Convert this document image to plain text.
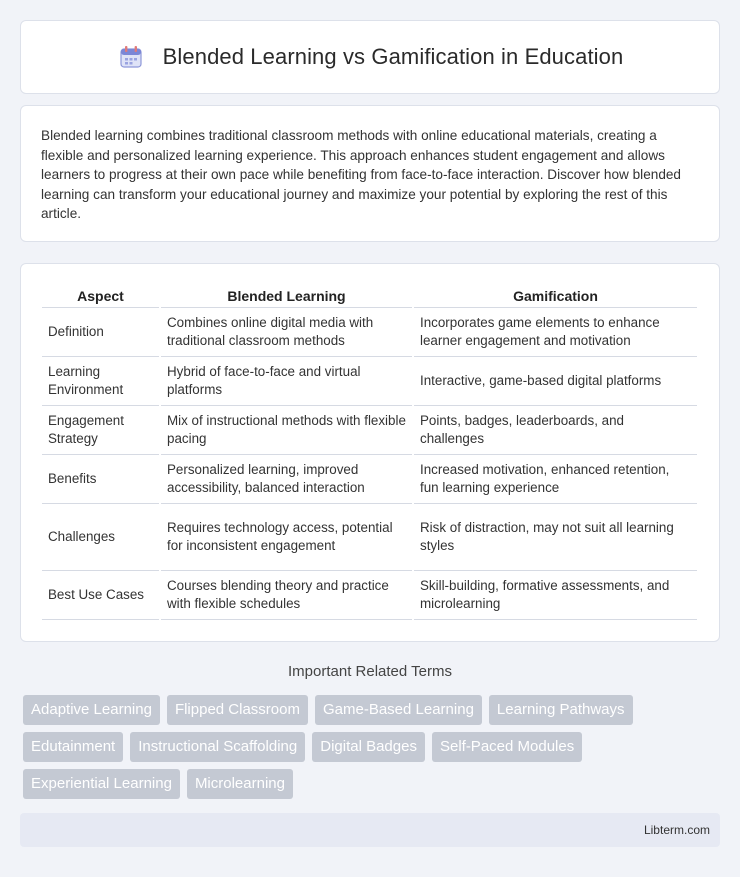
Blended Learning vs Gamification in Education

Blended learning combines traditional classroom methods with online educational materials, creating a flexible and personalized learning experience. This approach enhances student engagement and allows learners to progress at their own pace while benefiting from face-to-face interaction. Discover how blended learning can transform your educational journey and maximize your potential by exploring the rest of this article.

Aspect	Blended Learning	Gamification
Definition	Combines online digital media with traditional classroom methods	Incorporates game elements to enhance learner engagement and motivation
Learning Environment	Hybrid of face-to-face and virtual platforms	Interactive, game-based digital platforms
Engagement Strategy	Mix of instructional methods with flexible pacing	Points, badges, leaderboards, and challenges
Benefits	Personalized learning, improved accessibility, balanced interaction	Increased motivation, enhanced retention, fun learning experience
Challenges	Requires technology access, potential for inconsistent engagement	Risk of distraction, may not suit all learning styles
Best Use Cases	Courses blending theory and practice with flexible schedules	Skill-building, formative assessments, and microlearning
Important Related Terms
Adaptive Learning	Flipped Classroom	Game-Based Learning	Learning Pathways
Edutainment	Instructional Scaffolding	Digital Badges	Self-Paced Modules
Experiential Learning	Microlearning
Libterm.com
